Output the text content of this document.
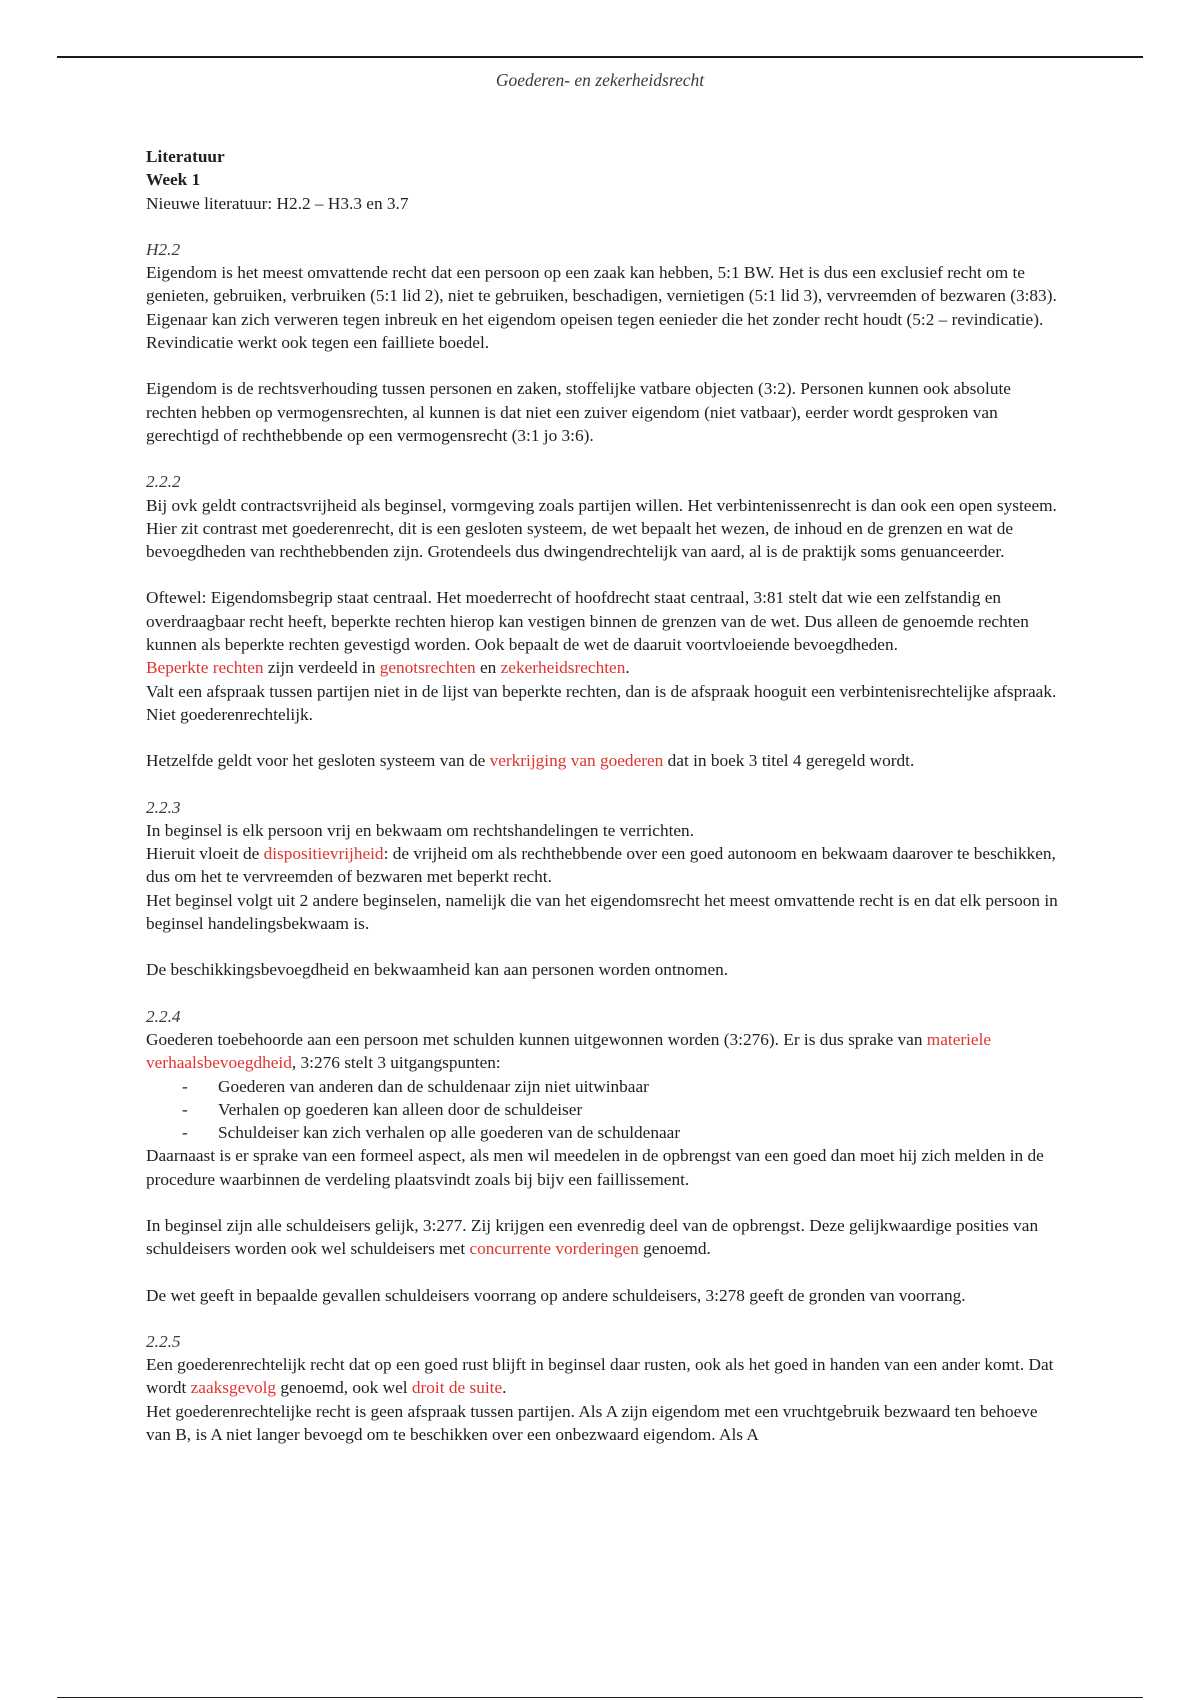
Goederen- en zekerheidsrecht

Literatuur

Week 1

Nieuwe literatuur: H2.2 – H3.3 en 3.7

H2.2

Eigendom is het meest omvattende recht dat een persoon op een zaak kan hebben, 5:1 BW. Het is dus een exclusief recht om te genieten, gebruiken, verbruiken (5:1 lid 2), niet te gebruiken, beschadigen, vernietigen (5:1 lid 3), vervreemden of bezwaren (3:83).

Eigenaar kan zich verweren tegen inbreuk en het eigendom opeisen tegen eenieder die het zonder recht houdt (5:2 – revindicatie). Revindicatie werkt ook tegen een failliete boedel.

Eigendom is de rechtsverhouding tussen personen en zaken, stoffelijke vatbare objecten (3:2). Personen kunnen ook absolute rechten hebben op vermogensrechten, al kunnen is dat niet een zuiver eigendom (niet vatbaar), eerder wordt gesproken van gerechtigd of rechthebbende op een vermogensrecht (3:1 jo 3:6).

2.2.2

Bij ovk geldt contractsvrijheid als beginsel, vormgeving zoals partijen willen. Het verbintenissenrecht is dan ook een open systeem. Hier zit contrast met goederenrecht, dit is een gesloten systeem, de wet bepaalt het wezen, de inhoud en de grenzen en wat de bevoegdheden van rechthebbenden zijn. Grotendeels dus dwingendrechtelijk van aard, al is de praktijk soms genuanceerder.

Oftewel: Eigendomsbegrip staat centraal. Het moederrecht of hoofdrecht staat centraal, 3:81 stelt dat wie een zelfstandig en overdraagbaar recht heeft, beperkte rechten hierop kan vestigen binnen de grenzen van de wet. Dus alleen de genoemde rechten kunnen als beperkte rechten gevestigd worden. Ook bepaalt de wet de daaruit voortvloeiende bevoegdheden.

Beperkte rechten zijn verdeeld in genotsrechten en zekerheidsrechten.

Valt een afspraak tussen partijen niet in de lijst van beperkte rechten, dan is de afspraak hooguit een verbintenisrechtelijke afspraak. Niet goederenrechtelijk.

Hetzelfde geldt voor het gesloten systeem van de verkrijging van goederen dat in boek 3 titel 4 geregeld wordt.

2.2.3

In beginsel is elk persoon vrij en bekwaam om rechtshandelingen te verrichten.

Hieruit vloeit de dispositievrijheid: de vrijheid om als rechthebbende over een goed autonoom en bekwaam daarover te beschikken, dus om het te vervreemden of bezwaren met beperkt recht.

Het beginsel volgt uit 2 andere beginselen, namelijk die van het eigendomsrecht het meest omvattende recht is en dat elk persoon in beginsel handelingsbekwaam is.

De beschikkingsbevoegdheid en bekwaamheid kan aan personen worden ontnomen.

2.2.4

Goederen toebehoorde aan een persoon met schulden kunnen uitgewonnen worden (3:276). Er is dus sprake van materiele verhaalsbevoegdheid, 3:276 stelt 3 uitgangspunten:

- Goederen van anderen dan de schuldenaar zijn niet uitwinbaar
- Verhalen op goederen kan alleen door de schuldeiser
- Schuldeiser kan zich verhalen op alle goederen van de schuldenaar

Daarnaast is er sprake van een formeel aspect, als men wil meedelen in de opbrengst van een goed dan moet hij zich melden in de procedure waarbinnen de verdeling plaatsvindt zoals bij bijv een faillissement.

In beginsel zijn alle schuldeisers gelijk, 3:277. Zij krijgen een evenredig deel van de opbrengst. Deze gelijkwaardige posities van schuldeisers worden ook wel schuldeisers met concurrente vorderingen genoemd.

De wet geeft in bepaalde gevallen schuldeisers voorrang op andere schuldeisers, 3:278 geeft de gronden van voorrang.

2.2.5

Een goederenrechtelijk recht dat op een goed rust blijft in beginsel daar rusten, ook als het goed in handen van een ander komt. Dat wordt zaaksgevolg genoemd, ook wel droit de suite.

Het goederenrechtelijke recht is geen afspraak tussen partijen. Als A zijn eigendom met een vruchtgebruik bezwaard ten behoeve van B, is A niet langer bevoegd om te beschikken over een onbezwaard eigendom. Als A
